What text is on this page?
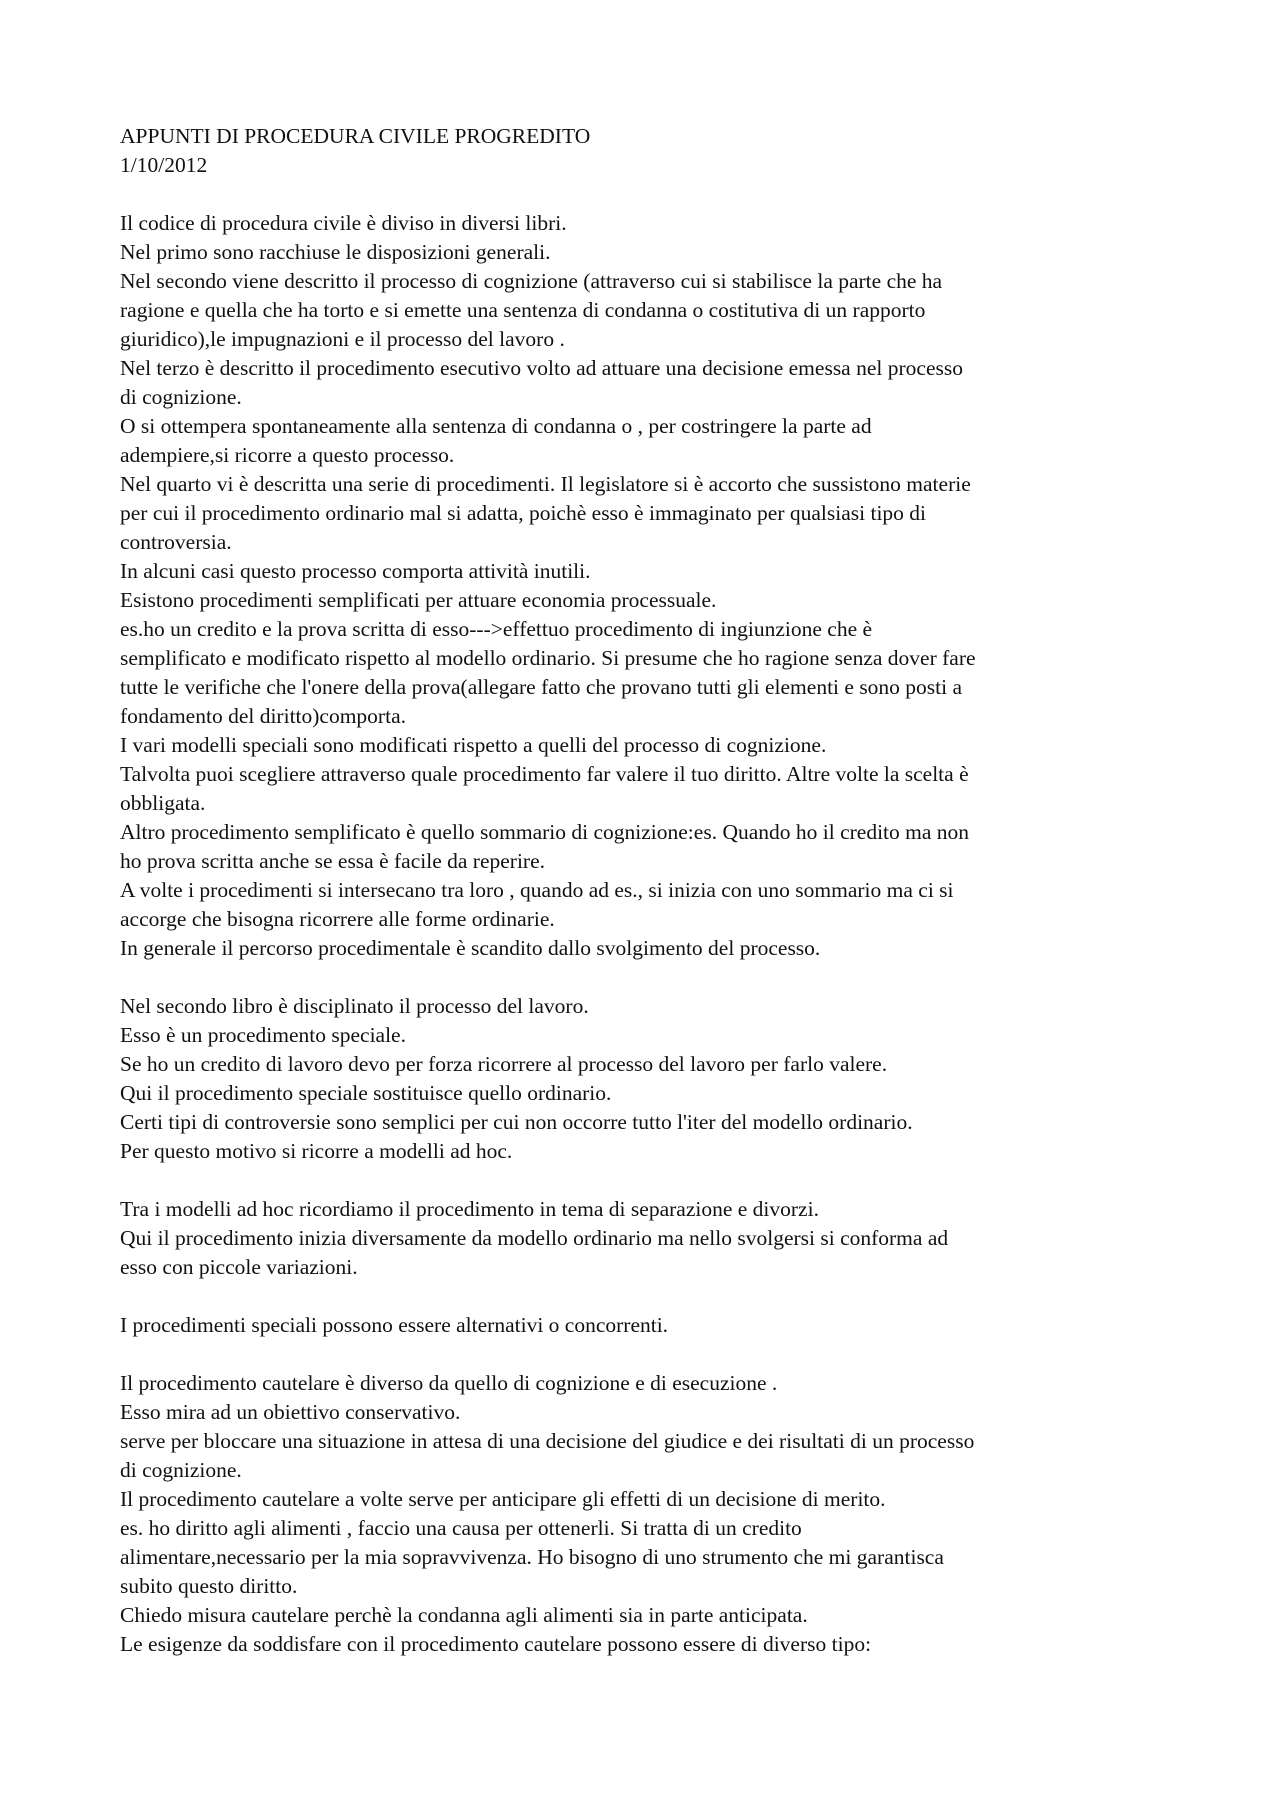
APPUNTI DI PROCEDURA CIVILE PROGREDITO
1/10/2012
Il codice di procedura civile è diviso in diversi libri.
Nel primo sono racchiuse le disposizioni generali.
Nel secondo viene descritto il processo di cognizione (attraverso cui si stabilisce la parte che ha
ragione e quella che ha torto e si emette una sentenza di condanna o costitutiva di un rapporto
giuridico),le impugnazioni e il processo del lavoro .
Nel terzo è descritto il procedimento esecutivo volto ad attuare una decisione emessa nel processo
di cognizione.
O si ottempera spontaneamente alla sentenza di condanna o , per costringere la parte ad
adempiere,si ricorre a questo processo.
Nel quarto vi è descritta una serie di procedimenti. Il legislatore si è accorto che sussistono materie
per cui il procedimento ordinario mal si adatta, poichè esso è immaginato per qualsiasi tipo di
controversia.
In alcuni casi questo processo comporta attività inutili.
Esistono procedimenti semplificati per attuare economia processuale.
es.ho un credito e la prova scritta di esso--->effettuo procedimento di ingiunzione che è
semplificato e modificato rispetto al modello ordinario. Si presume che ho ragione senza dover fare
tutte le verifiche che l'onere della prova(allegare fatto che provano tutti gli elementi e sono posti a
fondamento del diritto)comporta.
I vari modelli speciali sono modificati rispetto a quelli del processo di cognizione.
Talvolta puoi scegliere attraverso quale procedimento far valere il tuo diritto. Altre volte la scelta è
obbligata.
Altro procedimento semplificato è quello sommario di cognizione:es. Quando ho il credito ma non
ho prova scritta anche se essa è facile da reperire.
A volte i procedimenti si intersecano tra loro , quando ad es., si inizia con uno sommario ma ci si
accorge che bisogna ricorrere alle forme ordinarie.
In generale il percorso procedimentale è scandito dallo svolgimento del processo.
Nel secondo libro è disciplinato il processo del lavoro.
Esso è un procedimento speciale.
Se ho un credito di lavoro devo per forza ricorrere al processo del lavoro per farlo valere.
Qui il procedimento speciale sostituisce quello ordinario.
Certi tipi di controversie sono semplici per cui non occorre tutto l'iter del modello ordinario.
Per questo motivo si ricorre a modelli ad hoc.
Tra i modelli ad hoc ricordiamo il procedimento in tema di separazione e divorzi.
Qui il procedimento inizia diversamente da modello ordinario ma nello svolgersi si conforma ad
esso con piccole variazioni.
I procedimenti speciali possono essere alternativi o concorrenti.
Il procedimento cautelare è diverso da quello di cognizione e di esecuzione .
Esso mira ad un obiettivo conservativo.
serve per bloccare una situazione in attesa di una decisione del giudice e dei risultati di un processo
di cognizione.
Il procedimento cautelare a volte serve per anticipare gli effetti di un decisione di merito.
es. ho diritto agli alimenti , faccio una causa per ottenerli. Si tratta di un credito
alimentare,necessario per la mia sopravvivenza. Ho bisogno di uno strumento che mi garantisca
subito questo diritto.
Chiedo misura cautelare perchè la condanna agli alimenti sia in parte anticipata.
Le esigenze da soddisfare con il procedimento cautelare possono essere di diverso tipo:
